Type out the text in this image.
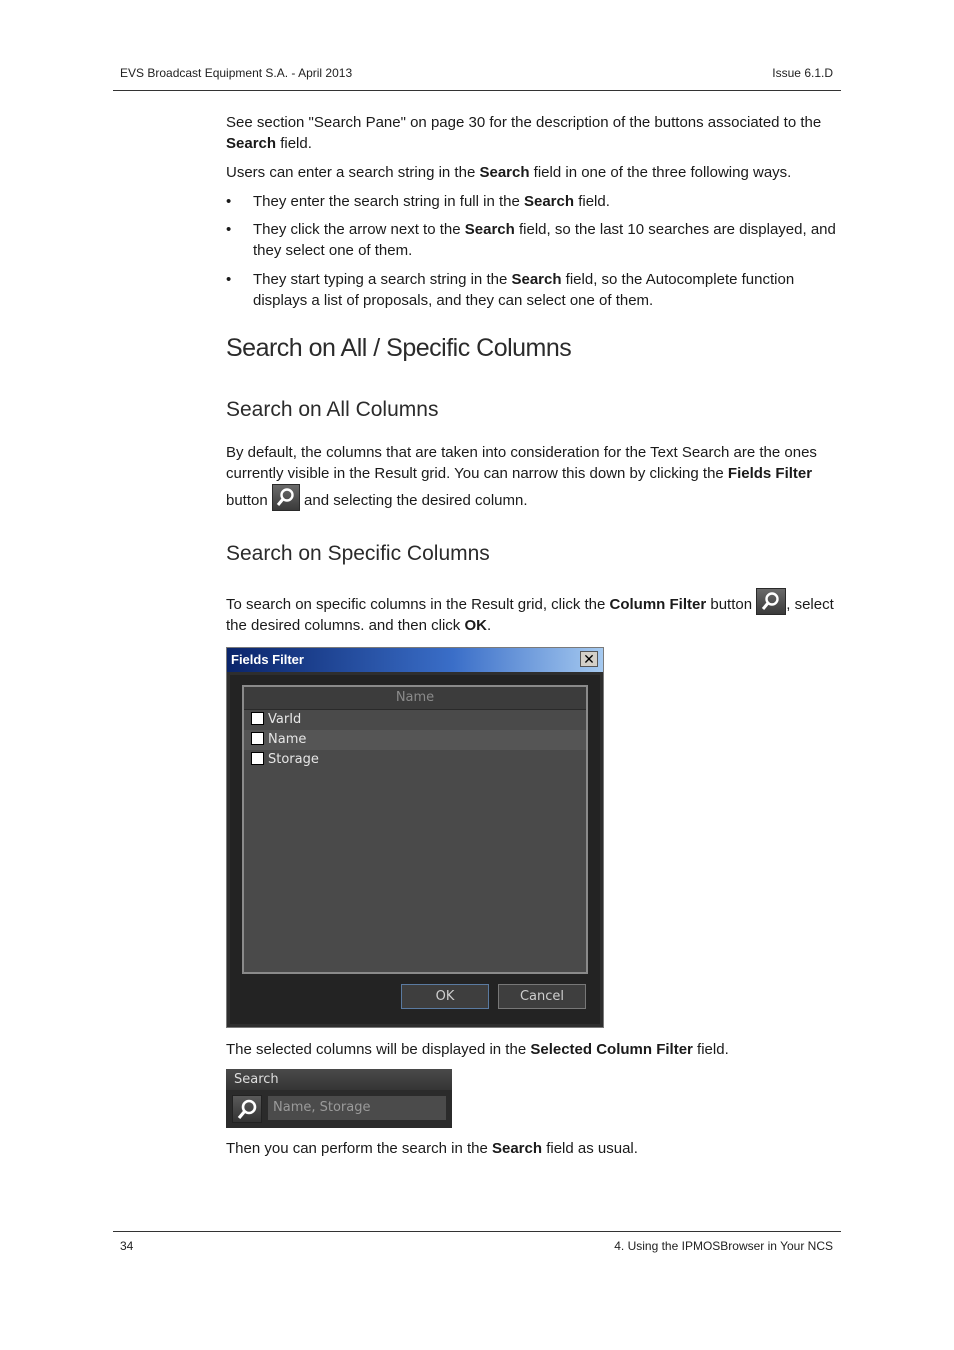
EVS Broadcast Equipment S.A. - April 2013	Issue 6.1.D

See section "Search Pane" on page 30 for the description of the buttons associated to the Search field.

Users can enter a search string in the Search field in one of the three following ways.

• They enter the search string in full in the Search field.
• They click the arrow next to the Search field, so the last 10 searches are displayed, and they select one of them.
• They start typing a search string in the Search field, so the Autocomplete function displays a list of proposals, and they can select one of them.
Search on All / Specific Columns
Search on All Columns

By default, the columns that are taken into consideration for the Text Search are the ones currently visible in the Result grid. You can narrow this down by clicking the Fields Filter

button
and selecting the desired column.

Search on Specific Columns

To search on specific columns in the Result grid, click the Column Filter button
, select the desired columns. and then click OK.

Fields Filter	✕
Name
VarId
Name
Storage
OK	Cancel

The selected columns will be displayed in the Selected Column Filter field.

Search
Name, Storage

Then you can perform the search in the Search field as usual.

34	4. Using the IPMOSBrowser in Your NCS
